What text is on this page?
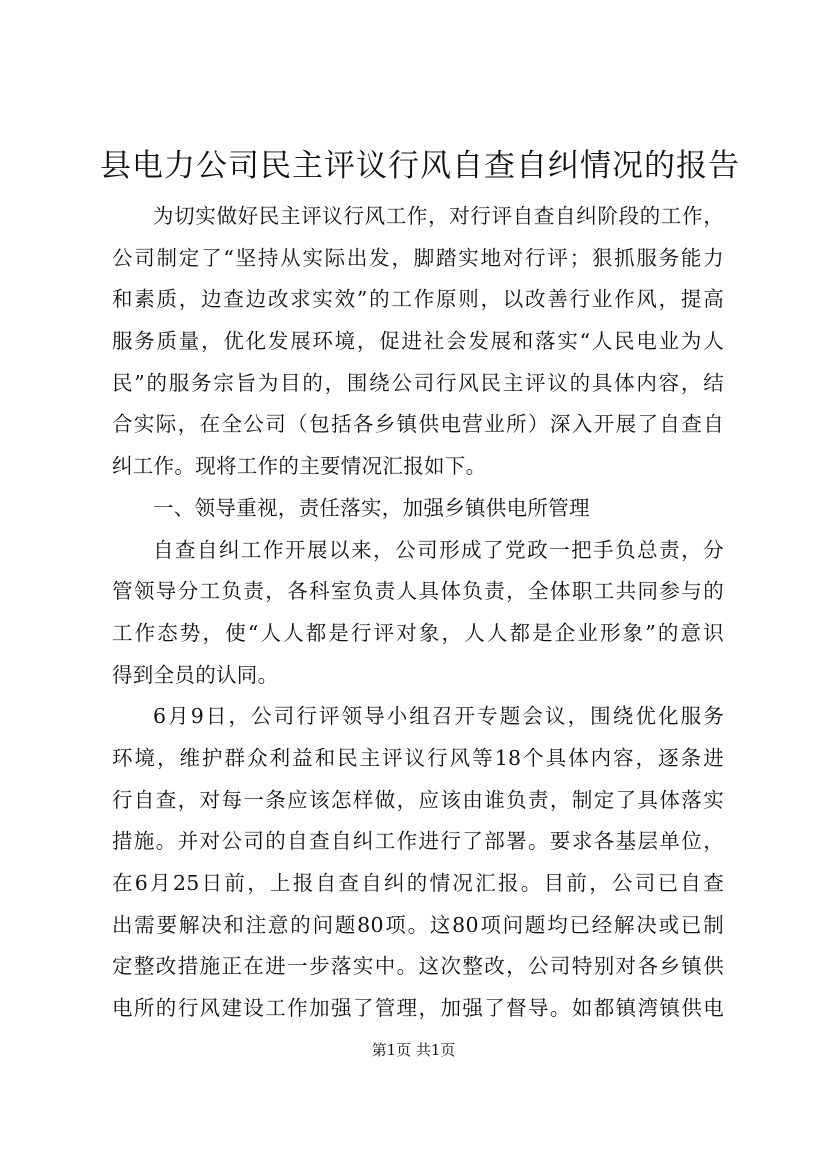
县电力公司民主评议行风自查自纠情况的报告
为切实做好民主评议行风工作，对行评自查自纠阶段的工作，
公司制定了“坚持从实际出发，脚踏实地对行评；狠抓服务能力
和素质，边查边改求实效”的工作原则，以改善行业作风，提高
服务质量，优化发展环境，促进社会发展和落实“人民电业为人
民”的服务宗旨为目的，围绕公司行风民主评议的具体内容，结
合实际，在全公司（包括各乡镇供电营业所）深入开展了自查自
纠工作。现将工作的主要情况汇报如下。
一、领导重视，责任落实，加强乡镇供电所管理
自查自纠工作开展以来，公司形成了党政一把手负总责，分
管领导分工负责，各科室负责人具体负责，全体职工共同参与的
工作态势，使“人人都是行评对象，人人都是企业形象”的意识
得到全员的认同。
6月9日，公司行评领导小组召开专题会议，围绕优化服务
环境，维护群众利益和民主评议行风等18个具体内容，逐条进
行自查，对每一条应该怎样做，应该由谁负责，制定了具体落实
措施。并对公司的自查自纠工作进行了部署。要求各基层单位，
在6月25日前，上报自查自纠的情况汇报。目前，公司已自查
出需要解决和注意的问题80项。这80项问题均已经解决或已制
定整改措施正在进一步落实中。这次整改，公司特别对各乡镇供
电所的行风建设工作加强了管理，加强了督导。如都镇湾镇供电
第1页 共1页
